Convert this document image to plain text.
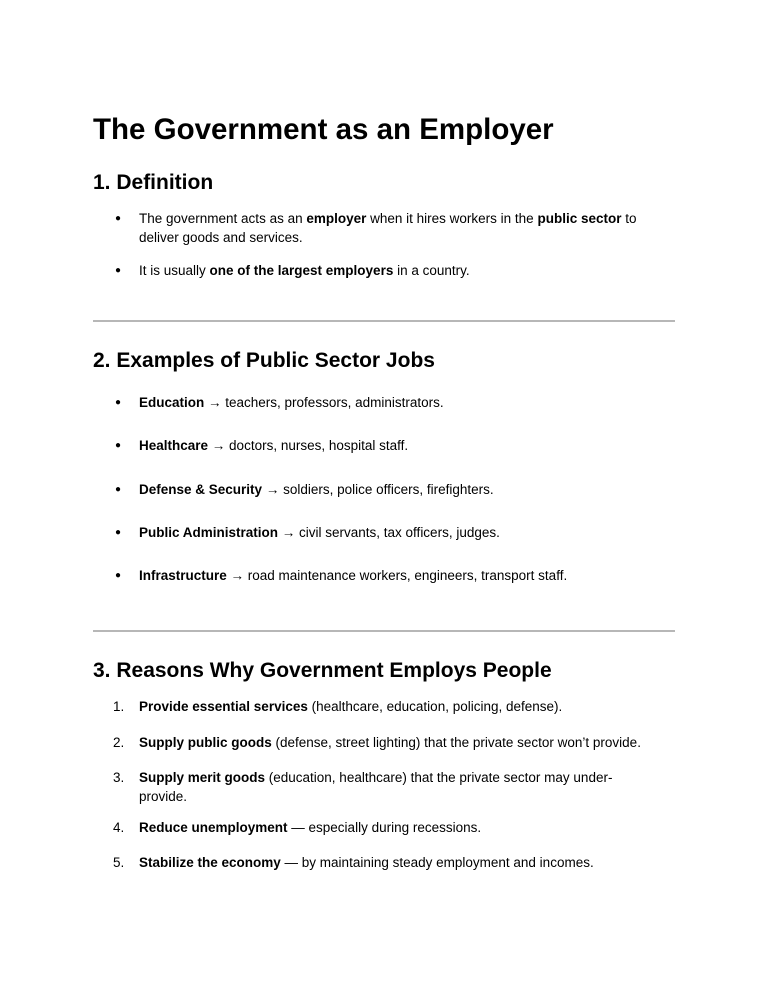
The Government as an Employer
1. Definition
●	The government acts as an employer when it hires workers in the public sector to deliver goods and services.
●	It is usually one of the largest employers in a country.
2. Examples of Public Sector Jobs
●	Education → teachers, professors, administrators.
●	Healthcare → doctors, nurses, hospital staff.
●	Defense & Security → soldiers, police officers, firefighters.
●	Public Administration → civil servants, tax officers, judges.
●	Infrastructure → road maintenance workers, engineers, transport staff.
3. Reasons Why Government Employs People
1.	Provide essential services (healthcare, education, policing, defense).
2.	Supply public goods (defense, street lighting) that the private sector won’t provide.
3.	Supply merit goods (education, healthcare) that the private sector may under-provide.
4.	Reduce unemployment — especially during recessions.
5.	Stabilize the economy — by maintaining steady employment and incomes.
